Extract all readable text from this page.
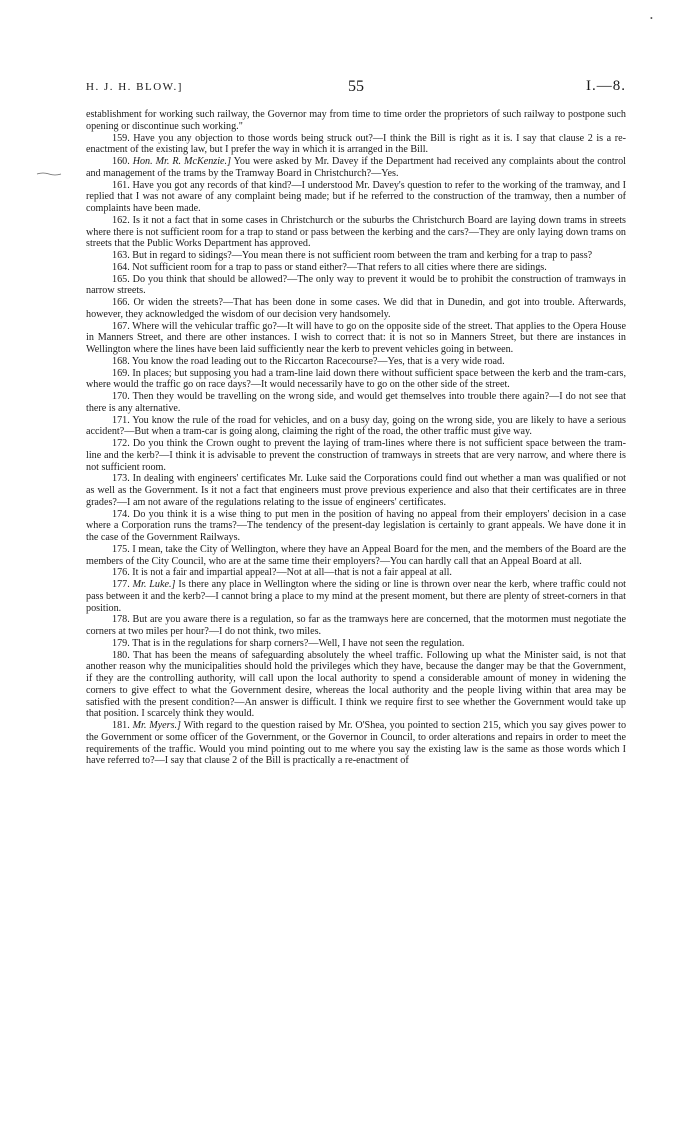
•
H. J. H. BLOW.]	55	I.—8.

establishment for working such railway, the Governor may from time to time order the proprietors of such railway to postpone such opening or discontinue such working."

159. Have you any objection to those words being struck out?—I think the Bill is right as it is. I say that clause 2 is a re-enactment of the existing law, but I prefer the way in which it is arranged in the Bill.

160. Hon. Mr. R. McKenzie.] You were asked by Mr. Davey if the Department had received any complaints about the control and management of the trams by the Tramway Board in Christchurch?—Yes.

161. Have you got any records of that kind?—I understood Mr. Davey's question to refer to the working of the tramway, and I replied that I was not aware of any complaint being made; but if he referred to the construction of the tramway, then a number of complaints have been made.

162. Is it not a fact that in some cases in Christchurch or the suburbs the Christchurch Board are laying down trams in streets where there is not sufficient room for a trap to stand or pass between the kerbing and the cars?—They are only laying down trams on streets that the Public Works Department has approved.

163. But in regard to sidings?—You mean there is not sufficient room between the tram and kerbing for a trap to pass?

164. Not sufficient room for a trap to pass or stand either?—That refers to all cities where there are sidings.

165. Do you think that should be allowed?—The only way to prevent it would be to prohibit the construction of tramways in narrow streets.

166. Or widen the streets?—That has been done in some cases. We did that in Dunedin, and got into trouble. Afterwards, however, they acknowledged the wisdom of our decision very handsomely.

167. Where will the vehicular traffic go?—It will have to go on the opposite side of the street. That applies to the Opera House in Manners Street, and there are other instances. I wish to correct that: it is not so in Manners Street, but there are instances in Wellington where the lines have been laid sufficiently near the kerb to prevent vehicles going in between.

168. You know the road leading out to the Riccarton Racecourse?—Yes, that is a very wide road.

169. In places; but supposing you had a tram-line laid down there without sufficient space between the kerb and the tram-cars, where would the traffic go on race days?—It would necessarily have to go on the other side of the street.

170. Then they would be travelling on the wrong side, and would get themselves into trouble there again?—I do not see that there is any alternative.

171. You know the rule of the road for vehicles, and on a busy day, going on the wrong side, you are likely to have a serious accident?—But when a tram-car is going along, claiming the right of the road, the other traffic must give way.

172. Do you think the Crown ought to prevent the laying of tram-lines where there is not sufficient space between the tram-line and the kerb?—I think it is advisable to prevent the construction of tramways in streets that are very narrow, and where there is not sufficient room.

173. In dealing with engineers' certificates Mr. Luke said the Corporations could find out whether a man was qualified or not as well as the Government. Is it not a fact that engineers must prove previous experience and also that their certificates are in three grades?—I am not aware of the regulations relating to the issue of engineers' certificates.

174. Do you think it is a wise thing to put men in the position of having no appeal from their employers' decision in a case where a Corporation runs the trams?—The tendency of the present-day legislation is certainly to grant appeals. We have done it in the case of the Government Railways.

175. I mean, take the City of Wellington, where they have an Appeal Board for the men, and the members of the Board are the members of the City Council, who are at the same time their employers?—You can hardly call that an Appeal Board at all.

176. It is not a fair and impartial appeal?—Not at all—that is not a fair appeal at all.

177. Mr. Luke.] Is there any place in Wellington where the siding or line is thrown over near the kerb, where traffic could not pass between it and the kerb?—I cannot bring a place to my mind at the present moment, but there are plenty of street-corners in that position.

178. But are you aware there is a regulation, so far as the tramways here are concerned, that the motormen must negotiate the corners at two miles per hour?—I do not think, two miles.

179. That is in the regulations for sharp corners?—Well, I have not seen the regulation.

180. That has been the means of safeguarding absolutely the wheel traffic. Following up what the Minister said, is not that another reason why the municipalities should hold the privileges which they have, because the danger may be that the Government, if they are the controlling authority, will call upon the local authority to spend a considerable amount of money in widening the corners to give effect to what the Government desire, whereas the local authority and the people living within that area may be satisfied with the present condition?—An answer is difficult. I think we require first to see whether the Government would take up that position. I scarcely think they would.

181. Mr. Myers.] With regard to the question raised by Mr. O'Shea, you pointed to section 215, which you say gives power to the Government or some officer of the Government, or the Governor in Council, to order alterations and repairs in order to meet the requirements of the traffic. Would you mind pointing out to me where you say the existing law is the same as those words which I have referred to?—I say that clause 2 of the Bill is practically a re-enactment of
